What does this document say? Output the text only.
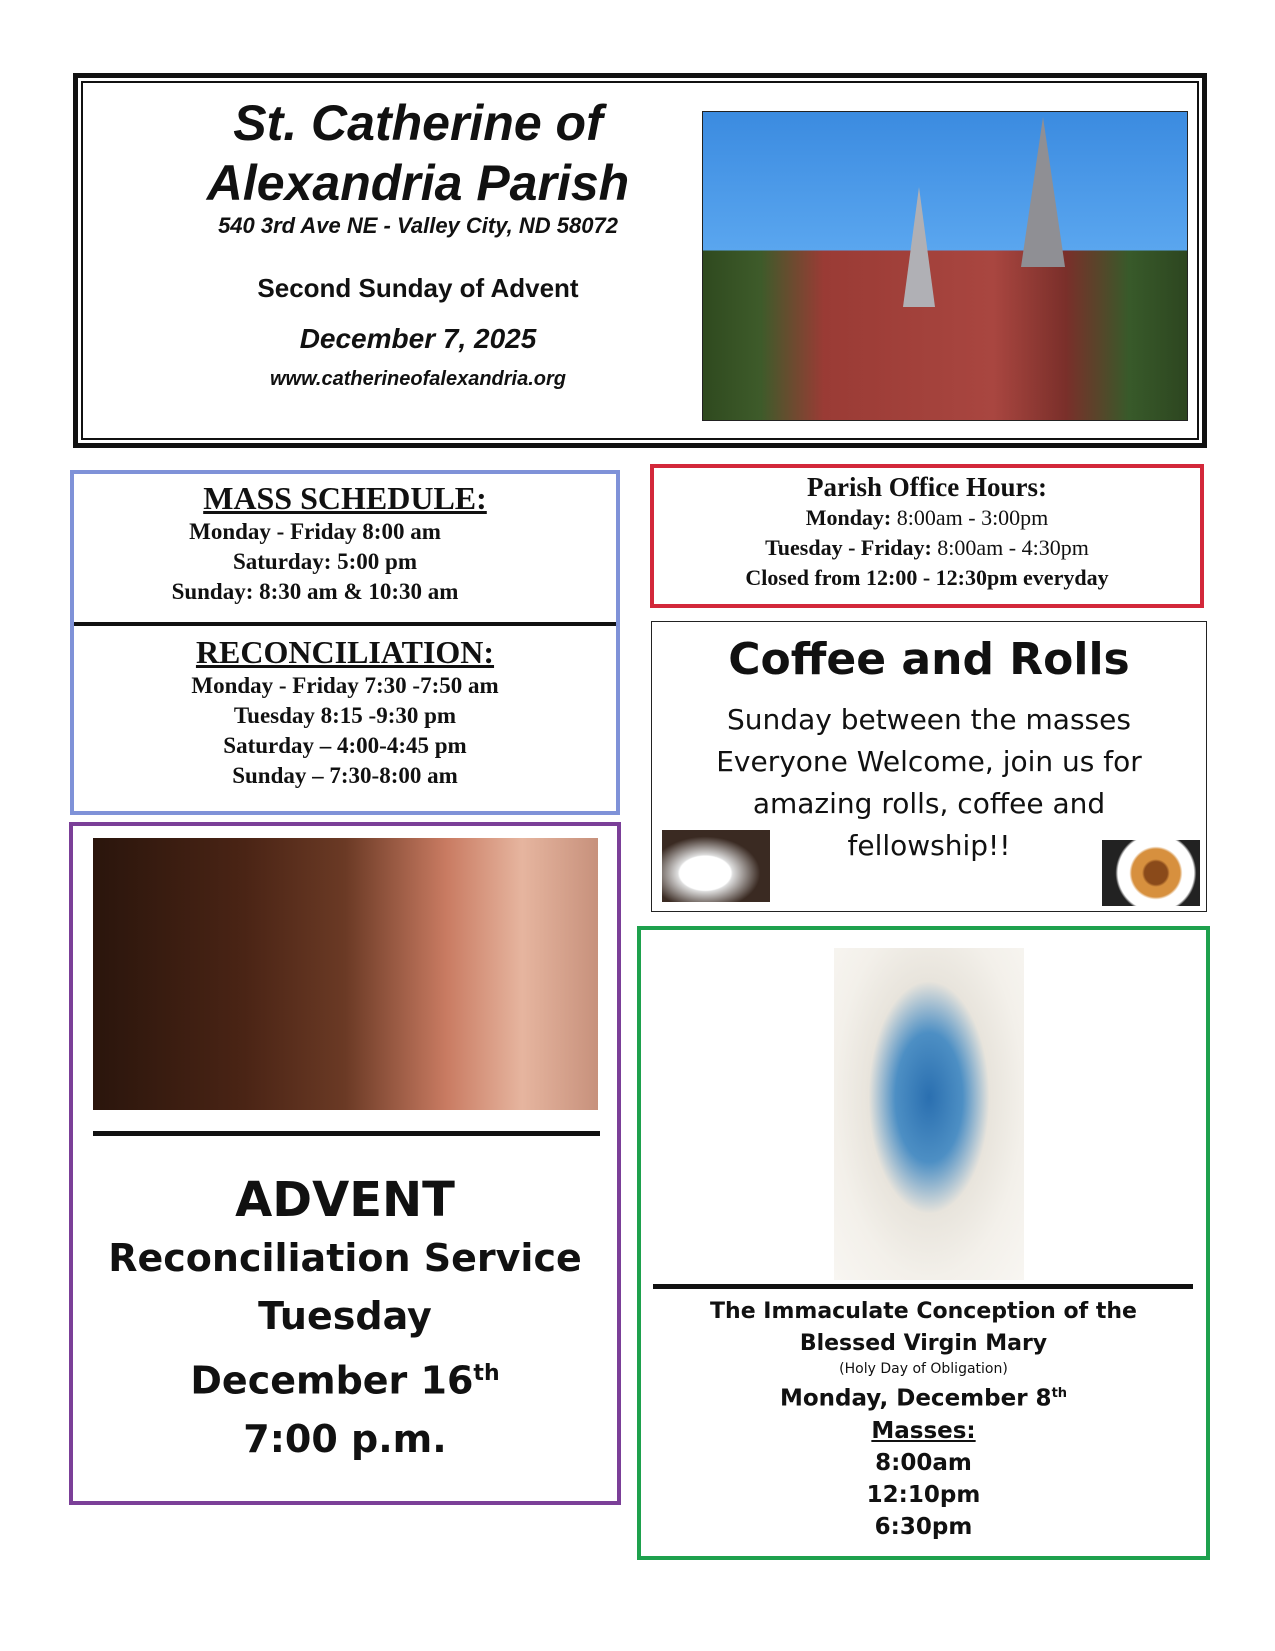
St. Catherine of
Alexandria Parish
540 3rd Ave NE - Valley City, ND 58072
Second Sunday of Advent
December 7, 2025
www.catherineofalexandria.org
MASS SCHEDULE:
Monday - Friday 8:00 am
Saturday: 5:00 pm
Sunday: 8:30 am & 10:30 am
RECONCILIATION:
Monday - Friday 7:30 -7:50 am
Tuesday 8:15 -9:30 pm
Saturday – 4:00-4:45 pm
Sunday – 7:30-8:00 am
Parish Office Hours:
Monday: 8:00am - 3:00pm
Tuesday - Friday: 8:00am - 4:30pm
Closed from 12:00 - 12:30pm everyday
Coffee and Rolls
Sunday between the masses
Everyone Welcome, join us for
amazing rolls, coffee and
fellowship!!
ADVENT
Reconciliation Service
Tuesday
December 16th
7:00 p.m.
The Immaculate Conception of the
Blessed Virgin Mary
(Holy Day of Obligation)
Monday, December 8th
Masses:
8:00am
12:10pm
6:30pm
